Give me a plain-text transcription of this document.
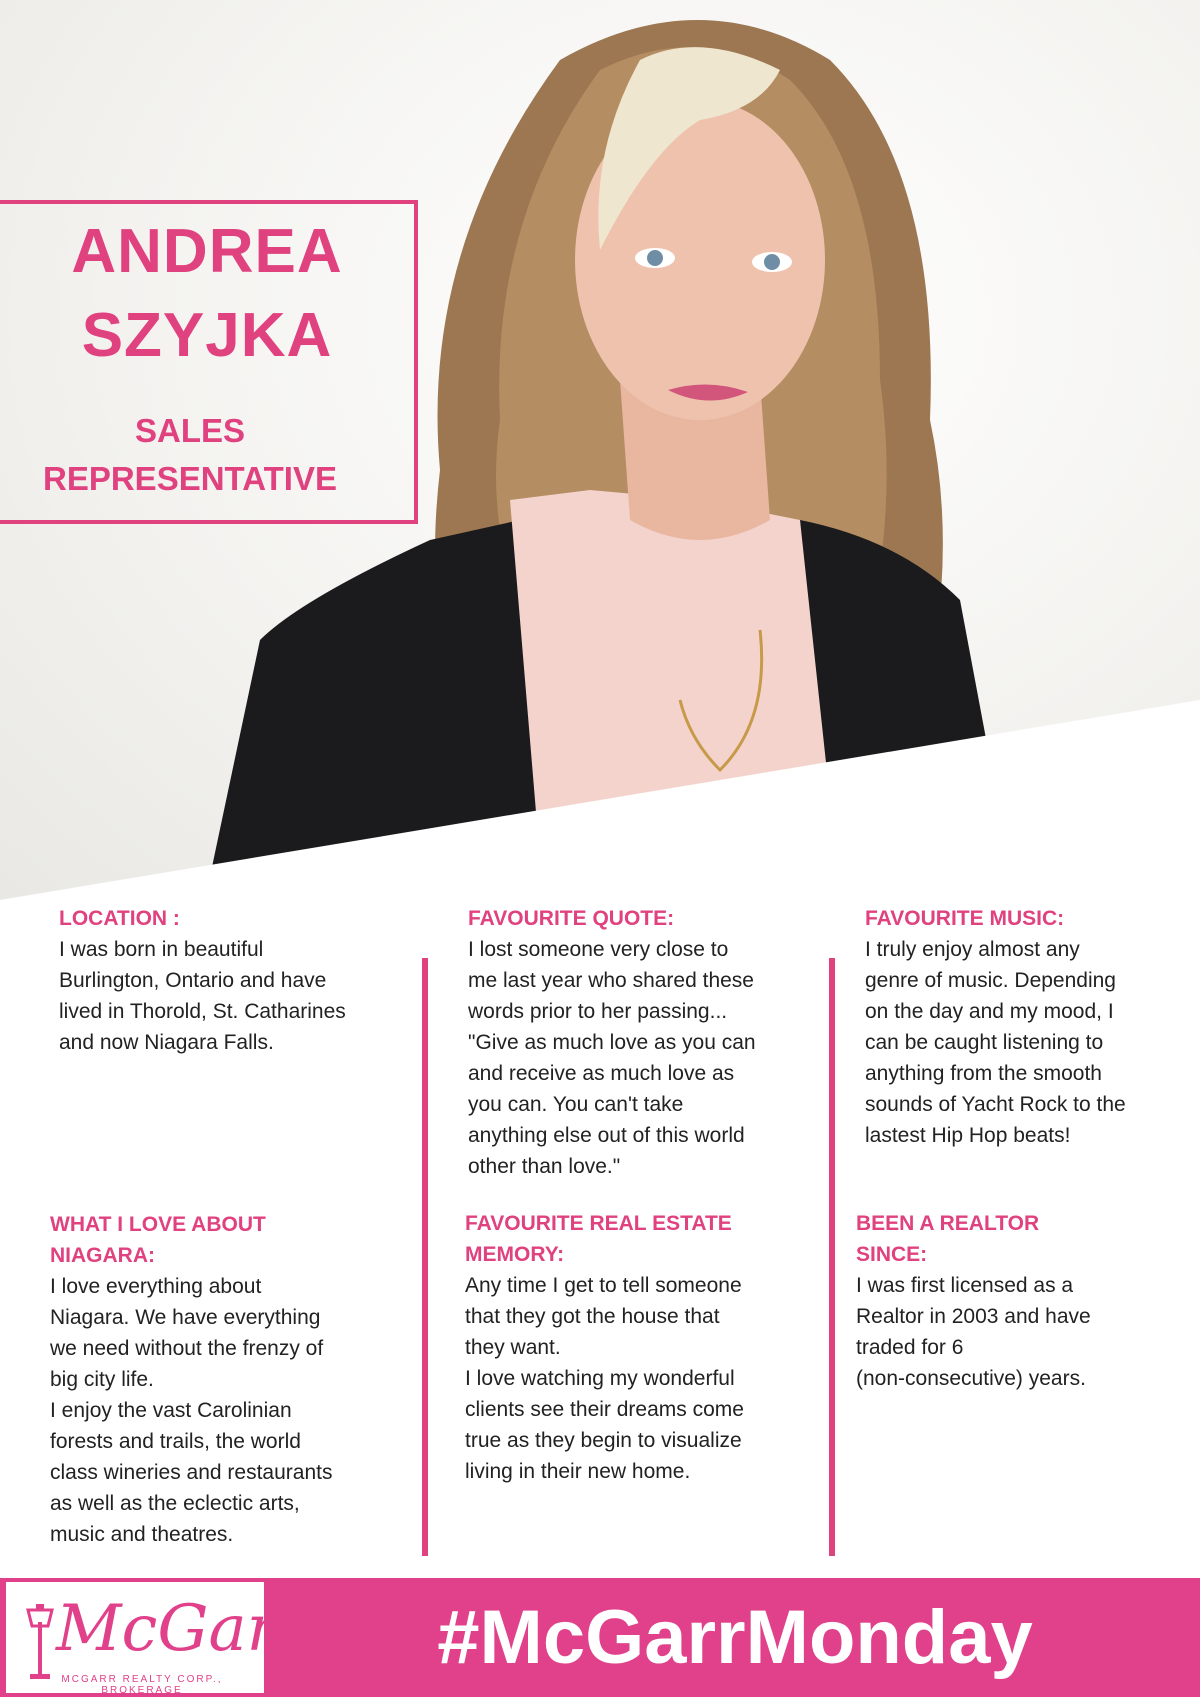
ANDREA
SZYJKA
SALES
REPRESENTATIVE
LOCATION :
I was born in beautiful
Burlington, Ontario and have
lived in Thorold, St. Catharines
and now Niagara Falls.
FAVOURITE QUOTE:
I lost someone very close to
me last year who shared these
words prior to her passing...
"Give as much love as you can
and receive as much love as
you can. You can't take
anything else out of this world
other than love."
FAVOURITE MUSIC:
I truly enjoy almost any
genre of music. Depending
on the day and my mood, I
can be caught listening to
anything from the smooth
sounds of Yacht Rock to the
lastest Hip Hop beats!
WHAT I LOVE ABOUT
NIAGARA:
I love everything about
Niagara. We have everything
we need without the frenzy of
big city life.
I enjoy the vast Carolinian
forests and trails, the world
class wineries and restaurants
as well as the eclectic arts,
music and theatres.
FAVOURITE REAL ESTATE
MEMORY:
Any time I get to tell someone
that they got the house that
they want.
I love watching my wonderful
clients see their dreams come
true as they begin to visualize
living in their new home.
BEEN A REALTOR
SINCE:
I was first licensed as a
Realtor in 2003 and have
traded for 6
(non-consecutive) years.
McGarr
MCGARR REALTY CORP., BROKERAGE
#McGarrMonday
